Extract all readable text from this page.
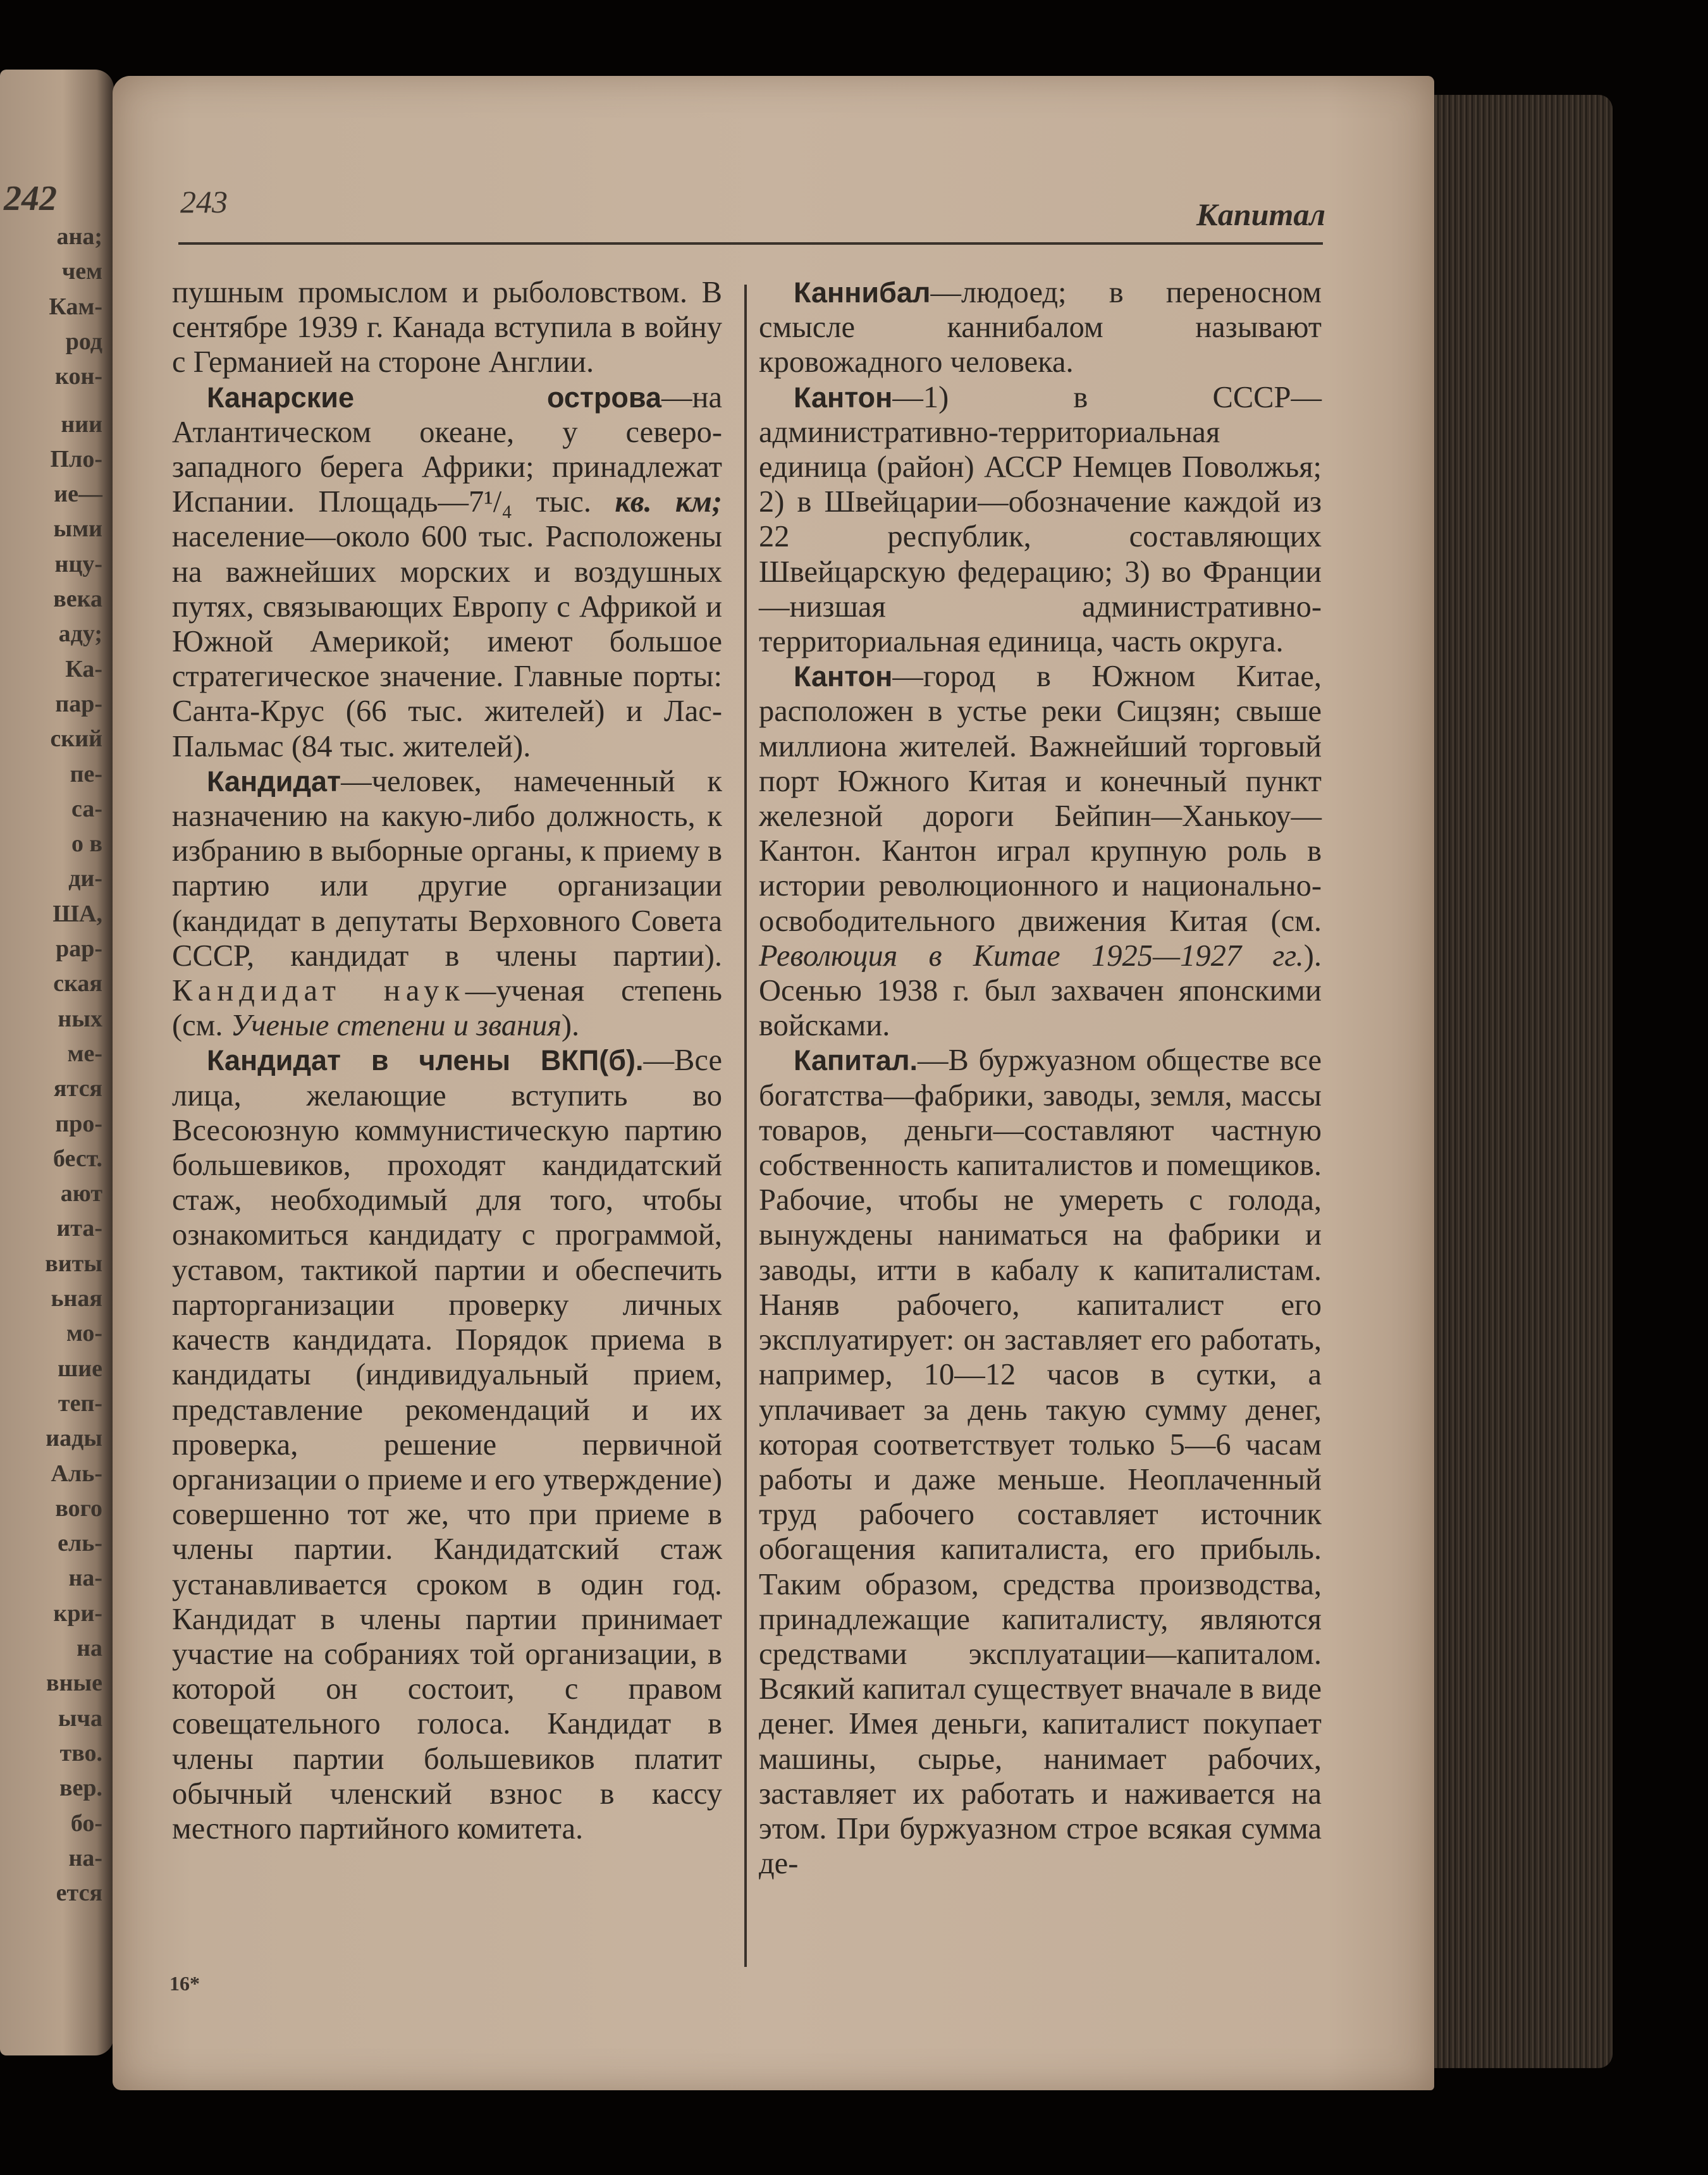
242
ана;
чем
Кам-
род
кон-
нии
Пло-
ие—
ыми
нцу-
века
аду;
Ка-
пар-
ский
пе-
са-
о в
ди-
ША,
рар-
ская
ных
ме-
ятся
про-
бест.
ают
ита-
виты
ьная
мо-
шие
теп-
иады
Аль-
вого
ель-
на-
кри-
на
вные
ыча
тво.
вер.
бо-
на-
ется
243	Капитал

пушным промыслом и рыболовством. В сентябре 1939 г. Канада вступила в войну с Германией на стороне Англии.

Канарские острова—на Атлантическом океане, у северо-западного берега Африки; принадлежат Испании. Площадь—7¹/₄ тыс. кв. км; население—около 600 тыс. Расположены на важнейших морских и воздушных путях, связывающих Европу с Африкой и Южной Америкой; имеют большое стратегическое значение. Главные порты: Санта-Крус (66 тыс. жителей) и Лас-Пальмас (84 тыс. жителей).

Кандидат—человек, намеченный к назначению на какую-либо должность, к избранию в выборные органы, к приему в партию или другие организации (кандидат в депутаты Верховного Совета СССР, кандидат в члены партии). Кандидат наук—ученая степень (см. Ученые степени и звания).

Кандидат в члены ВКП(б).—Все лица, желающие вступить во Всесоюзную коммунистическую партию большевиков, проходят кандидатский стаж, необходимый для того, чтобы ознакомиться кандидату с программой, уставом, тактикой партии и обеспечить парторганизации проверку личных качеств кандидата. Порядок приема в кандидаты (индивидуальный прием, представление рекомендаций и их проверка, решение первичной организации о приеме и его утверждение) совершенно тот же, что при приеме в члены партии. Кандидатский стаж устанавливается сроком в один год. Кандидат в члены партии принимает участие на собраниях той организации, в которой он состоит, с правом совещательного голоса. Кандидат в члены партии большевиков платит обычный членский взнос в кассу местного партийного комитета.

Каннибал—людоед; в переносном смысле каннибалом называют кровожадного человека.

Кантон—1) в СССР—административно-территориальная единица (район) АССР Немцев Поволжья; 2) в Швейцарии—обозначение каждой из 22 республик, составляющих Швейцарскую федерацию; 3) во Франции—низшая административно-территориальная единица, часть округа.

Кантон—город в Южном Китае, расположен в устье реки Сицзян; свыше миллиона жителей. Важнейший торговый порт Южного Китая и конечный пункт железной дороги Бейпин—Ханькоу—Кантон. Кантон играл крупную роль в истории революционного и национально-освободительного движения Китая (см. Революция в Китае 1925—1927 гг.). Осенью 1938 г. был захвачен японскими войсками.

Капитал.—В буржуазном обществе все богатства—фабрики, заводы, земля, массы товаров, деньги—составляют частную собственность капиталистов и помещиков. Рабочие, чтобы не умереть с голода, вынуждены наниматься на фабрики и заводы, итти в кабалу к капиталистам. Наняв рабочего, капиталист его эксплуатирует: он заставляет его работать, например, 10—12 часов в сутки, а уплачивает за день такую сумму денег, которая соответствует только 5—6 часам работы и даже меньше. Неоплаченный труд рабочего составляет источник обогащения капиталиста, его прибыль. Таким образом, средства производства, принадлежащие капиталисту, являются средствами эксплуатации—капиталом. Всякий капитал существует вначале в виде денег. Имея деньги, капиталист покупает машины, сырье, нанимает рабочих, заставляет их работать и наживается на этом. При буржуазном строе всякая сумма де-

16*
